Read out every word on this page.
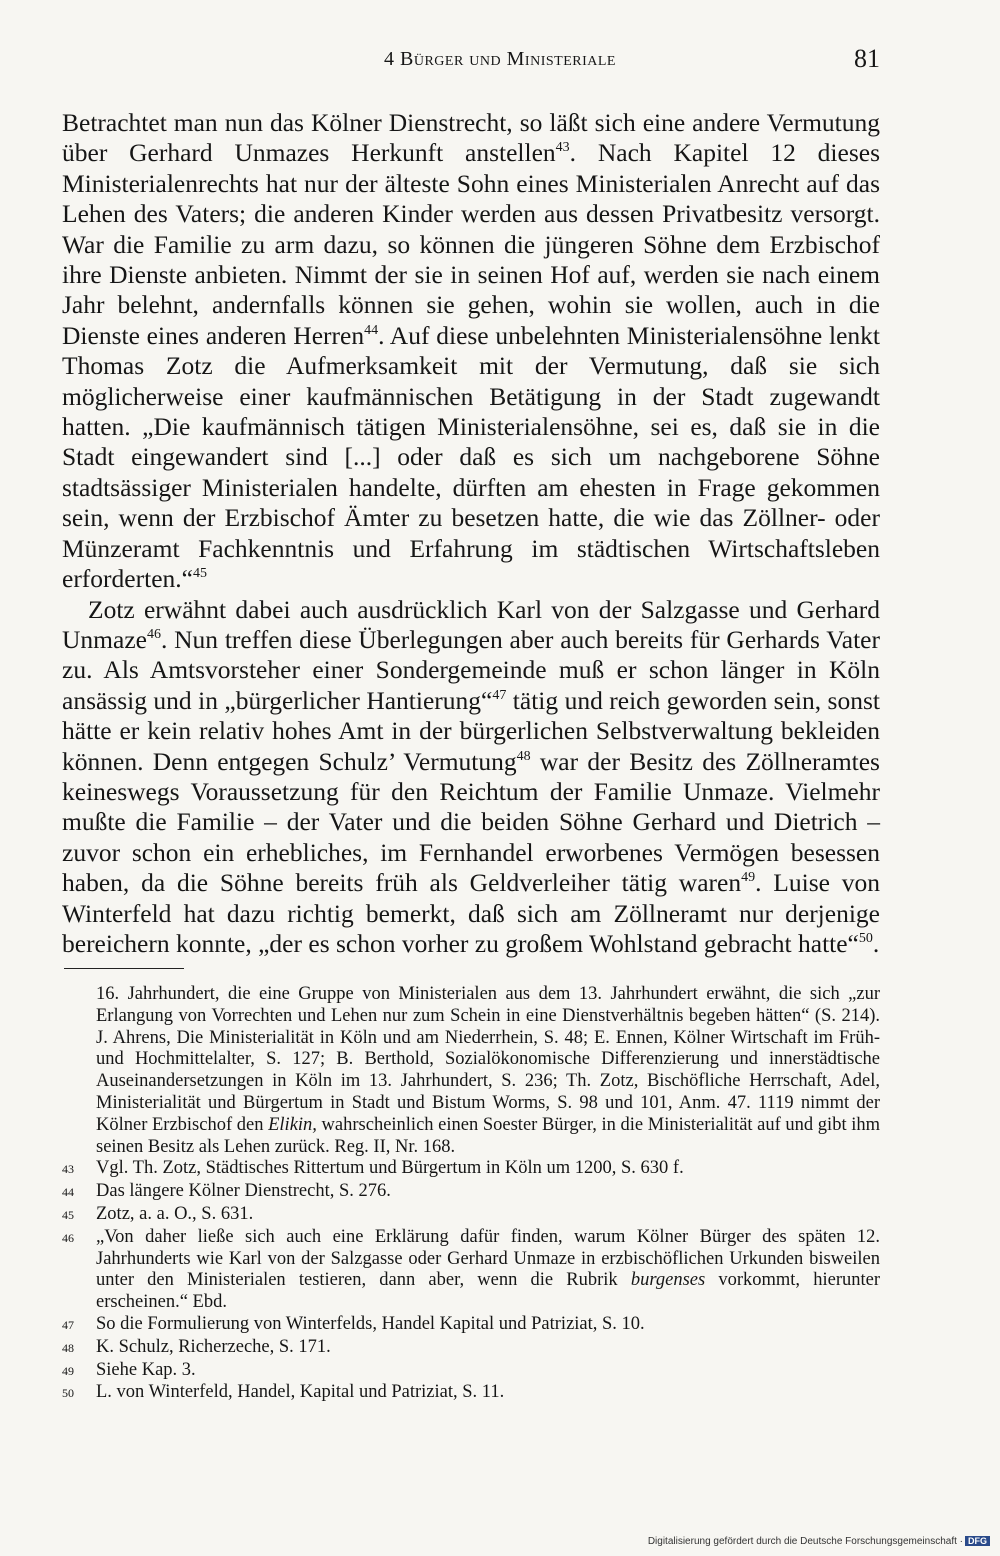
4 Bürger und Ministeriale	81

Betrachtet man nun das Kölner Dienstrecht, so läßt sich eine andere Vermutung über Gerhard Unmazes Herkunft anstellen$^{43}$. Nach Kapitel 12 dieses Ministerialenrechts hat nur der älteste Sohn eines Ministerialen Anrecht auf das Lehen des Vaters; die anderen Kinder werden aus dessen Privatbesitz versorgt. War die Familie zu arm dazu, so können die jüngeren Söhne dem Erzbischof ihre Dienste anbieten. Nimmt der sie in seinen Hof auf, werden sie nach einem Jahr belehnt, andernfalls können sie gehen, wohin sie wollen, auch in die Dienste eines anderen Herren$^{44}$. Auf diese unbelehnten Ministerialensöhne lenkt Thomas Zotz die Aufmerksamkeit mit der Vermutung, daß sie sich möglicherweise einer kaufmännischen Betätigung in der Stadt zugewandt hatten. „Die kaufmännisch tätigen Ministerialensöhne, sei es, daß sie in die Stadt eingewandert sind [...] oder daß es sich um nachgeborene Söhne stadtsässiger Ministerialen handelte, dürften am ehesten in Frage gekommen sein, wenn der Erzbischof Ämter zu besetzen hatte, die wie das Zöllner- oder Münzeramt Fachkenntnis und Erfahrung im städtischen Wirtschaftsleben erforderten.“$^{45}$

Zotz erwähnt dabei auch ausdrücklich Karl von der Salzgasse und Gerhard Unmaze$^{46}$. Nun treffen diese Überlegungen aber auch bereits für Gerhards Vater zu. Als Amtsvorsteher einer Sondergemeinde muß er schon länger in Köln ansässig und in „bürgerlicher Hantierung“$^{47}$ tätig und reich geworden sein, sonst hätte er kein relativ hohes Amt in der bürgerlichen Selbstverwaltung bekleiden können. Denn entgegen Schulz’ Vermutung$^{48}$ war der Besitz des Zöllneramtes keineswegs Voraussetzung für den Reichtum der Familie Unmaze. Vielmehr mußte die Familie – der Vater und die beiden Söhne Gerhard und Dietrich – zuvor schon ein erhebliches, im Fernhandel erworbenes Vermögen besessen haben, da die Söhne bereits früh als Geldverleiher tätig waren$^{49}$. Luise von Winterfeld hat dazu richtig bemerkt, daß sich am Zöllneramt nur derjenige bereichern konnte, „der es schon vorher zu großem Wohlstand gebracht hatte“$^{50}$.

16. Jahrhundert, die eine Gruppe von Ministerialen aus dem 13. Jahrhundert erwähnt, die sich „zur Erlangung von Vorrechten und Lehen nur zum Schein in eine Dienstverhältnis begeben hätten“ (S. 214). J. Ahrens, Die Ministerialität in Köln und am Niederrhein, S. 48; E. Ennen, Kölner Wirtschaft im Früh- und Hochmittelalter, S. 127; B. Berthold, Sozialökonomische Differenzierung und innerstädtische Auseinandersetzungen in Köln im 13. Jahrhundert, S. 236; Th. Zotz, Bischöfliche Herrschaft, Adel, Ministerialität und Bürgertum in Stadt und Bistum Worms, S. 98 und 101, Anm. 47. 1119 nimmt der Kölner Erzbischof den Elikin, wahrscheinlich einen Soester Bürger, in die Ministerialität auf und gibt ihm seinen Besitz als Lehen zurück. Reg. II, Nr. 168.

43	Vgl. Th. Zotz, Städtisches Rittertum und Bürgertum in Köln um 1200, S. 630 f.
44	Das längere Kölner Dienstrecht, S. 276.
45	Zotz, a. a. O., S. 631.
46	„Von daher ließe sich auch eine Erklärung dafür finden, warum Kölner Bürger des späten 12. Jahrhunderts wie Karl von der Salzgasse oder Gerhard Unmaze in erzbischöflichen Urkunden bisweilen unter den Ministerialen testieren, dann aber, wenn die Rubrik burgenses vorkommt, hierunter erscheinen.“ Ebd.
47	So die Formulierung von Winterfelds, Handel Kapital und Patriziat, S. 10.
48	K. Schulz, Richerzeche, S. 171.
49	Siehe Kap. 3.
50	L. von Winterfeld, Handel, Kapital und Patriziat, S. 11.
Digitalisierung gefördert durch die Deutsche Forschungsgemeinschaft · DFG
